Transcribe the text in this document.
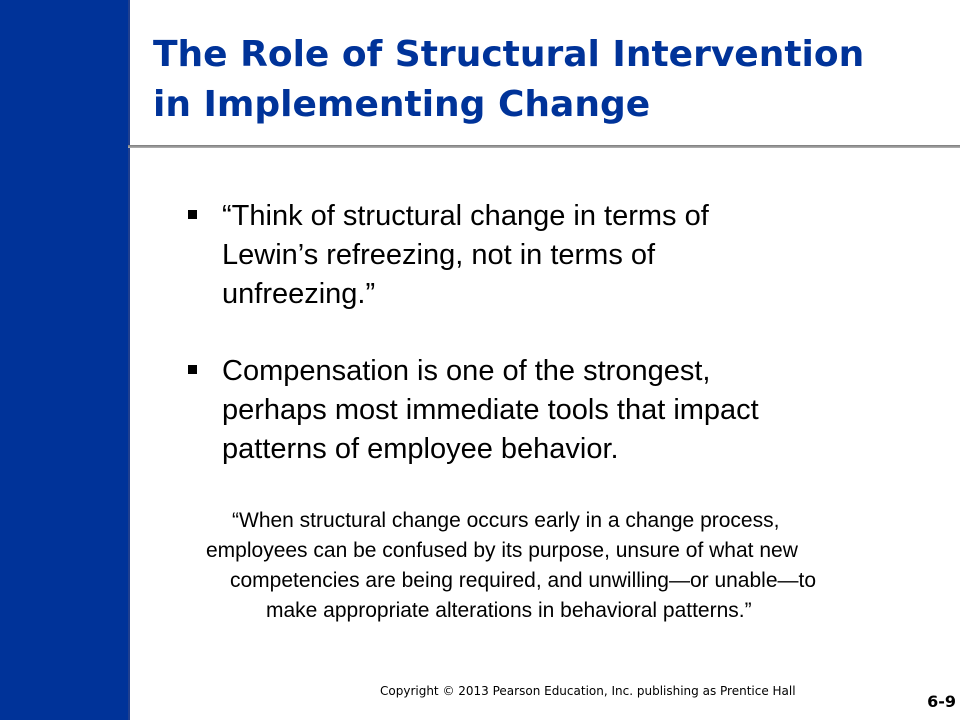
The Role of Structural Intervention
in Implementing Change
“Think of structural change in terms of
Lewin’s refreezing, not in terms of
unfreezing.”
Compensation is one of the strongest,
perhaps most immediate tools that impact
patterns of employee behavior.

“When structural change occurs early in a change process,
employees can be confused by its purpose, unsure of what new
competencies are being required, and unwilling—or unable—to
make appropriate alterations in behavioral patterns.”

Copyright © 2013 Pearson Education, Inc. publishing as Prentice Hall
6-9
